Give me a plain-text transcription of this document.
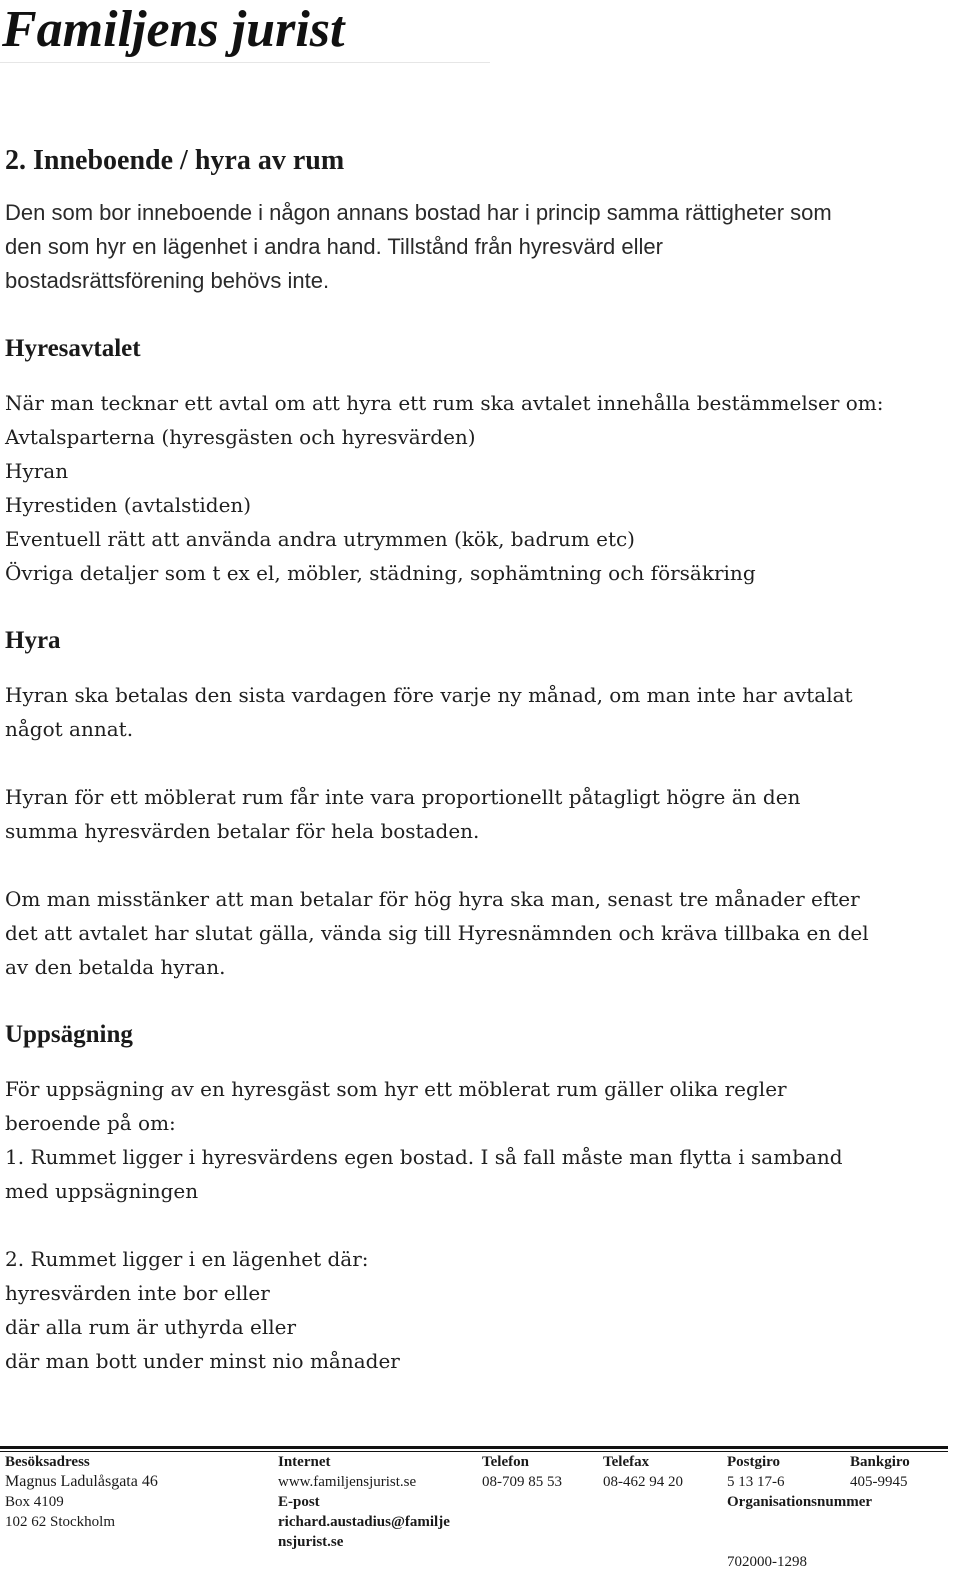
Familjens jurist
2. Inneboende / hyra av rum

Den som bor inneboende i någon annans bostad har i princip samma rättigheter som

den som hyr en lägenhet i andra hand. Tillstånd från hyresvärd eller

bostadsrättsförening behövs inte.

Hyresavtalet
När man tecknar ett avtal om att hyra ett rum ska avtalet innehålla bestämmelser om:
Avtalsparterna (hyresgästen och hyresvärden)
Hyran
Hyrestiden (avtalstiden)
Eventuell rätt att använda andra utrymmen (kök, badrum etc)
Övriga detaljer som t ex el, möbler, städning, sophämtning och försäkring
Hyra
Hyran ska betalas den sista vardagen före varje ny månad, om man inte har avtalat
något annat.
Hyran för ett möblerat rum får inte vara proportionellt påtagligt högre än den
summa hyresvärden betalar för hela bostaden.
Om man misstänker att man betalar för hög hyra ska man, senast tre månader efter
det att avtalet har slutat gälla, vända sig till Hyresnämnden och kräva tillbaka en del
av den betalda hyran.
Uppsägning
För uppsägning av en hyresgäst som hyr ett möblerat rum gäller olika regler
beroende på om:
1. Rummet ligger i hyresvärdens egen bostad. I så fall måste man flytta i samband
med uppsägningen
2. Rummet ligger i en lägenhet där:
hyresvärden inte bor eller
där alla rum är uthyrda eller
där man bott under minst nio månader
Besöksadress
Magnus Ladulåsgata 46
Box 4109
102 62 Stockholm
Internet
www.familjensjurist.se
E-post
richard.austadius@familje
nsjurist.se
Telefon
08-709 85 53
Telefax
08-462 94 20
Postgiro
5 13 17-6
Organisationsnummer
702000-1298
Bankgiro
405-9945
